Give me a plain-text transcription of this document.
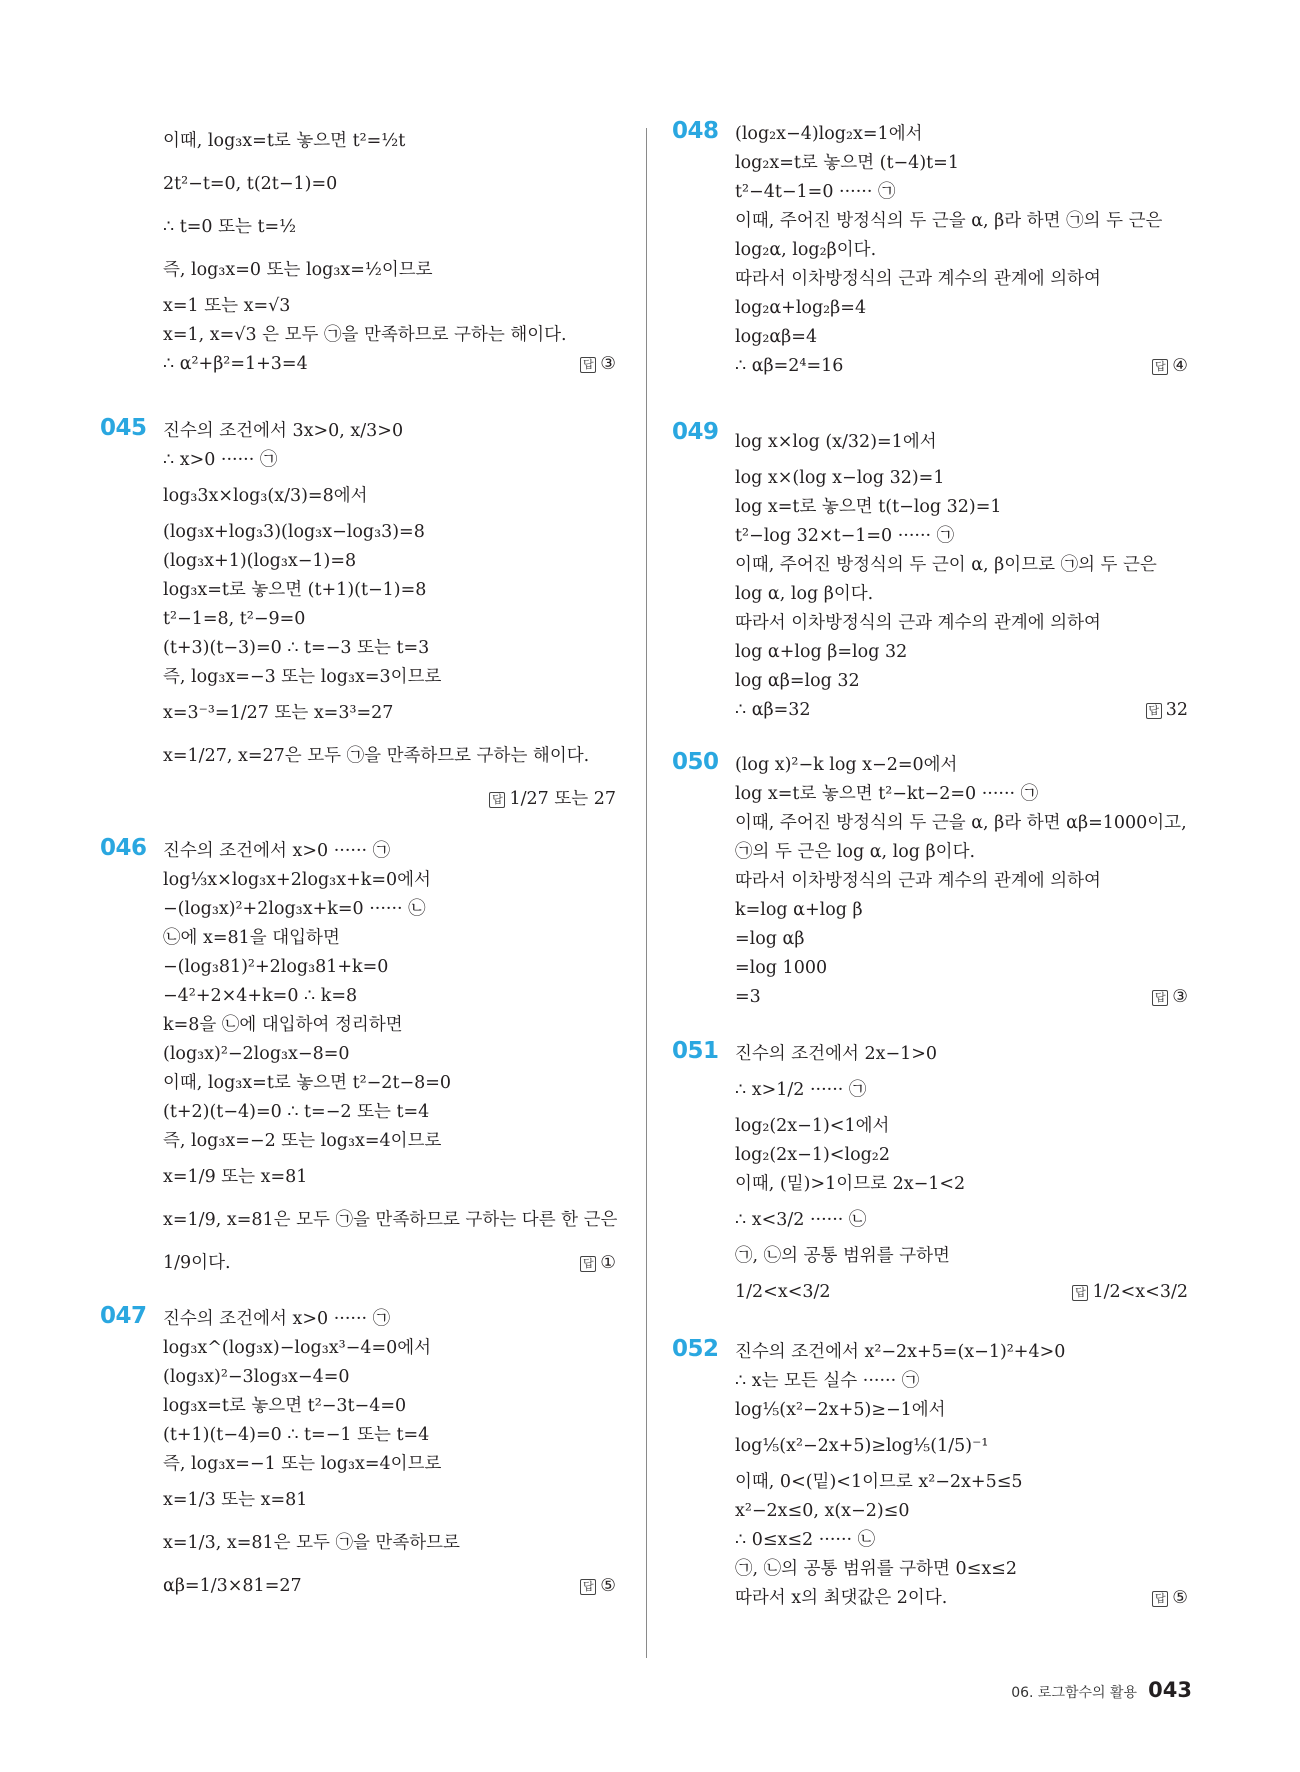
이때, log₃x=t로 놓으면 t²=½t
2t²−t=0, t(2t−1)=0
∴ t=0 또는 t=½
즉, log₃x=0 또는 log₃x=½이므로
x=1 또는 x=√3
x=1, x=√3 은 모두 ㉠을 만족하므로 구하는 해이다.
∴ α²+β²=1+3=4	답 ③
045 진수의 조건에서 3x>0, x/3>0
∴ x>0 ······ ㉠
log₃3x×log₃(x/3)=8에서
(log₃x+log₃3)(log₃x−log₃3)=8
(log₃x+1)(log₃x−1)=8
log₃x=t로 놓으면 (t+1)(t−1)=8
t²−1=8, t²−9=0
(t+3)(t−3)=0 ∴ t=−3 또는 t=3
즉, log₃x=−3 또는 log₃x=3이므로
x=3⁻³=1/27 또는 x=3³=27
x=1/27, x=27은 모두 ㉠을 만족하므로 구하는 해이다.
답 1/27 또는 27
046 진수의 조건에서 x>0 ······ ㉠
log⅓x×log₃x+2log₃x+k=0에서
−(log₃x)²+2log₃x+k=0 ······ ㉡
㉡에 x=81을 대입하면
−(log₃81)²+2log₃81+k=0
−4²+2×4+k=0 ∴ k=8
k=8을 ㉡에 대입하여 정리하면
(log₃x)²−2log₃x−8=0
이때, log₃x=t로 놓으면 t²−2t−8=0
(t+2)(t−4)=0 ∴ t=−2 또는 t=4
즉, log₃x=−2 또는 log₃x=4이므로
x=1/9 또는 x=81
x=1/9, x=81은 모두 ㉠을 만족하므로 구하는 다른 한 근은
1/9이다.	답 ①
047 진수의 조건에서 x>0 ······ ㉠
log₃x^(log₃x)−log₃x³−4=0에서
(log₃x)²−3log₃x−4=0
log₃x=t로 놓으면 t²−3t−4=0
(t+1)(t−4)=0 ∴ t=−1 또는 t=4
즉, log₃x=−1 또는 log₃x=4이므로
x=1/3 또는 x=81
x=1/3, x=81은 모두 ㉠을 만족하므로
αβ=1/3×81=27	답 ⑤
048 (log₂x−4)log₂x=1에서
log₂x=t로 놓으면 (t−4)t=1
t²−4t−1=0 ······ ㉠
이때, 주어진 방정식의 두 근을 α, β라 하면 ㉠의 두 근은
log₂α, log₂β이다.
따라서 이차방정식의 근과 계수의 관계에 의하여
log₂α+log₂β=4
log₂αβ=4
∴ αβ=2⁴=16	답 ④
049 log x×log (x/32)=1에서
log x×(log x−log 32)=1
log x=t로 놓으면 t(t−log 32)=1
t²−log 32×t−1=0 ······ ㉠
이때, 주어진 방정식의 두 근이 α, β이므로 ㉠의 두 근은
log α, log β이다.
따라서 이차방정식의 근과 계수의 관계에 의하여
log α+log β=log 32
log αβ=log 32
∴ αβ=32	답 32
050 (log x)²−k log x−2=0에서
log x=t로 놓으면 t²−kt−2=0 ······ ㉠
이때, 주어진 방정식의 두 근을 α, β라 하면 αβ=1000이고,
㉠의 두 근은 log α, log β이다.
따라서 이차방정식의 근과 계수의 관계에 의하여
k=log α+log β
=log αβ
=log 1000
=3	답 ③
051 진수의 조건에서 2x−1>0
∴ x>1/2 ······ ㉠
log₂(2x−1)<1에서
log₂(2x−1)<log₂2
이때, (밑)>1이므로 2x−1<2
∴ x<3/2 ······ ㉡
㉠, ㉡의 공통 범위를 구하면
1/2<x<3/2	답 1/2<x<3/2
052 진수의 조건에서 x²−2x+5=(x−1)²+4>0
∴ x는 모든 실수 ······ ㉠
log⅕(x²−2x+5)≥−1에서
log⅕(x²−2x+5)≥log⅕(1/5)⁻¹
이때, 0<(밑)<1이므로 x²−2x+5≤5
x²−2x≤0, x(x−2)≤0
∴ 0≤x≤2 ······ ㉡
㉠, ㉡의 공통 범위를 구하면 0≤x≤2
따라서 x의 최댓값은 2이다.	답 ⑤
06. 로그함수의 활용 043
